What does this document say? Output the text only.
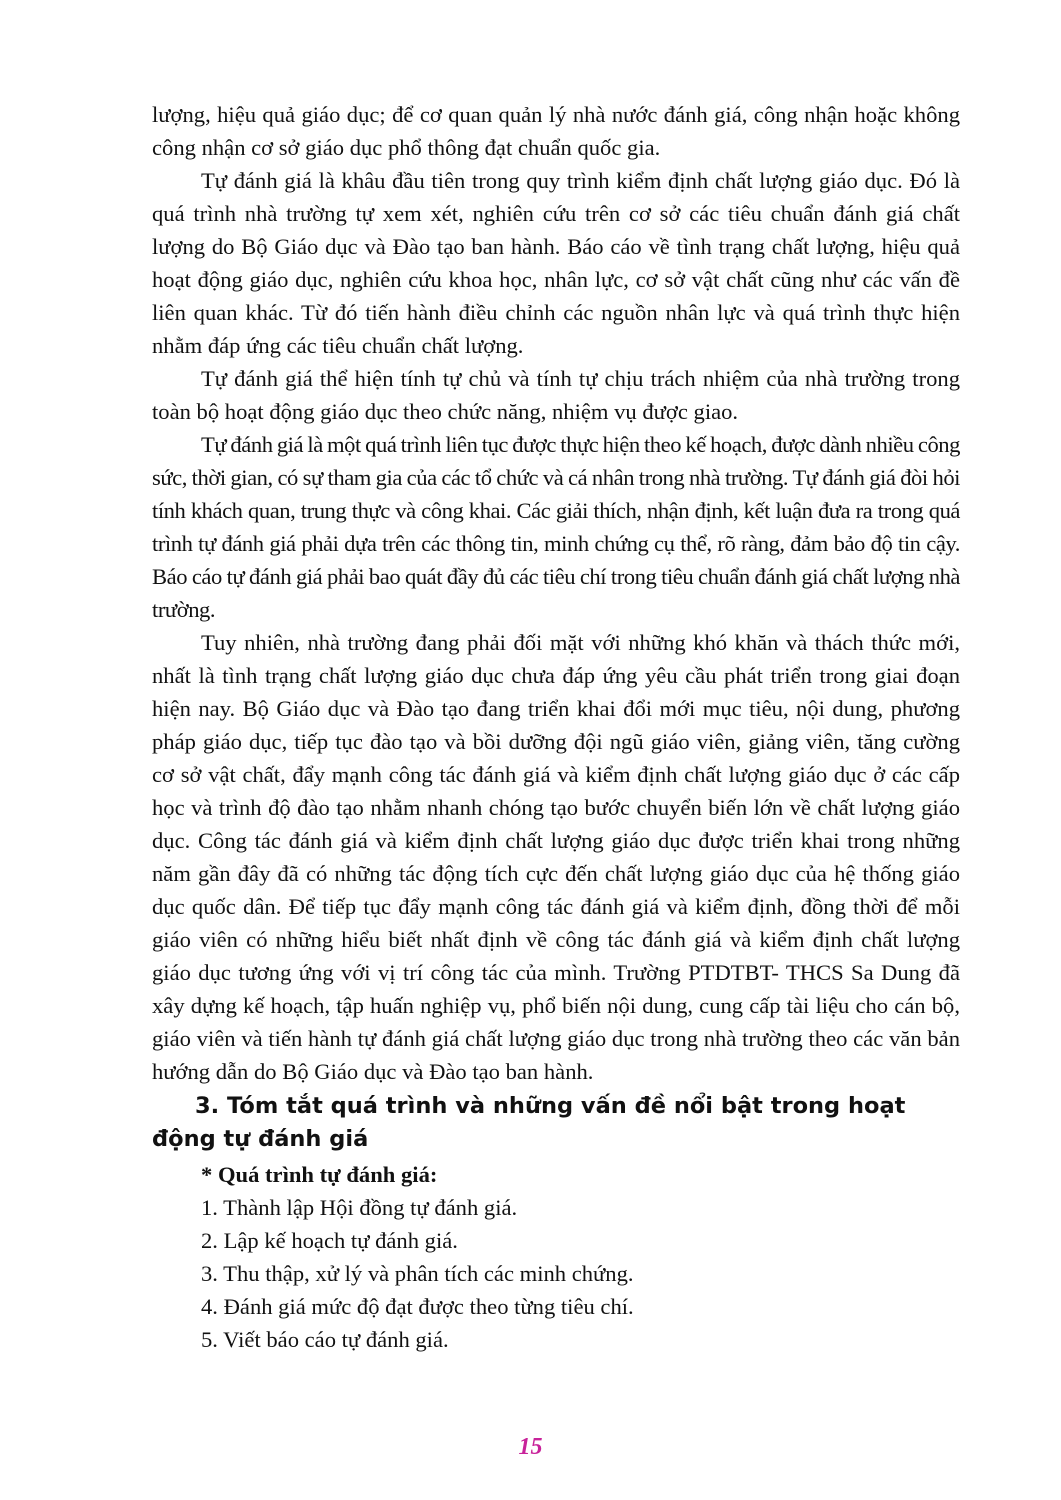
lượng, hiệu quả giáo dục; để cơ quan quản lý nhà nước đánh giá, công nhận hoặc không công nhận cơ sở giáo dục phổ thông đạt chuẩn quốc gia.

Tự đánh giá là khâu đầu tiên trong quy trình kiểm định chất lượng giáo dục. Đó là quá trình nhà trường tự xem xét, nghiên cứu trên cơ sở các tiêu chuẩn đánh giá chất lượng do Bộ Giáo dục và Đào tạo ban hành. Báo cáo về tình trạng chất lượng, hiệu quả hoạt động giáo dục, nghiên cứu khoa học, nhân lực, cơ sở vật chất cũng như các vấn đề liên quan khác. Từ đó tiến hành điều chỉnh các nguồn nhân lực và quá trình thực hiện nhằm đáp ứng các tiêu chuẩn chất lượng.

Tự đánh giá thể hiện tính tự chủ và tính tự chịu trách nhiệm của nhà trường trong toàn bộ hoạt động giáo dục theo chức năng, nhiệm vụ được giao.

Tự đánh giá là một quá trình liên tục được thực hiện theo kế hoạch, được dành nhiều công sức, thời gian, có sự tham gia của các tổ chức và cá nhân trong nhà trường. Tự đánh giá đòi hỏi tính khách quan, trung thực và công khai. Các giải thích, nhận định, kết luận đưa ra trong quá trình tự đánh giá phải dựa trên các thông tin, minh chứng cụ thể, rõ ràng, đảm bảo độ tin cậy. Báo cáo tự đánh giá phải bao quát đầy đủ các tiêu chí trong tiêu chuẩn đánh giá chất lượng nhà trường.

Tuy nhiên, nhà trường đang phải đối mặt với những khó khăn và thách thức mới, nhất là tình trạng chất lượng giáo dục chưa đáp ứng yêu cầu phát triển trong giai đoạn hiện nay. Bộ Giáo dục và Đào tạo đang triển khai đổi mới mục tiêu, nội dung, phương pháp giáo dục, tiếp tục đào tạo và bồi dưỡng đội ngũ giáo viên, giảng viên, tăng cường cơ sở vật chất, đẩy mạnh công tác đánh giá và kiểm định chất lượng giáo dục ở các cấp học và trình độ đào tạo nhằm nhanh chóng tạo bước chuyển biến lớn về chất lượng giáo dục. Công tác đánh giá và kiểm định chất lượng giáo dục được triển khai trong những năm gần đây đã có những tác động tích cực đến chất lượng giáo dục của hệ thống giáo dục quốc dân. Để tiếp tục đẩy mạnh công tác đánh giá và kiểm định, đồng thời để mỗi giáo viên có những hiểu biết nhất định về công tác đánh giá và kiểm định chất lượng giáo dục tương ứng với vị trí công tác của mình. Trường PTDTBT- THCS Sa Dung đã xây dựng kế hoạch, tập huấn nghiệp vụ, phổ biến nội dung, cung cấp tài liệu cho cán bộ, giáo viên và tiến hành tự đánh giá chất lượng giáo dục trong nhà trường theo các văn bản hướng dẫn do Bộ Giáo dục và Đào tạo ban hành.

3. Tóm tắt quá trình và những vấn đề nổi bật trong hoạt động tự đánh giá

* Quá trình tự đánh giá:

1. Thành lập Hội đồng tự đánh giá.
2. Lập kế hoạch tự đánh giá.
3. Thu thập, xử lý và phân tích các minh chứng.
4. Đánh giá mức độ đạt được theo từng tiêu chí.
5. Viết báo cáo tự đánh giá.
15
